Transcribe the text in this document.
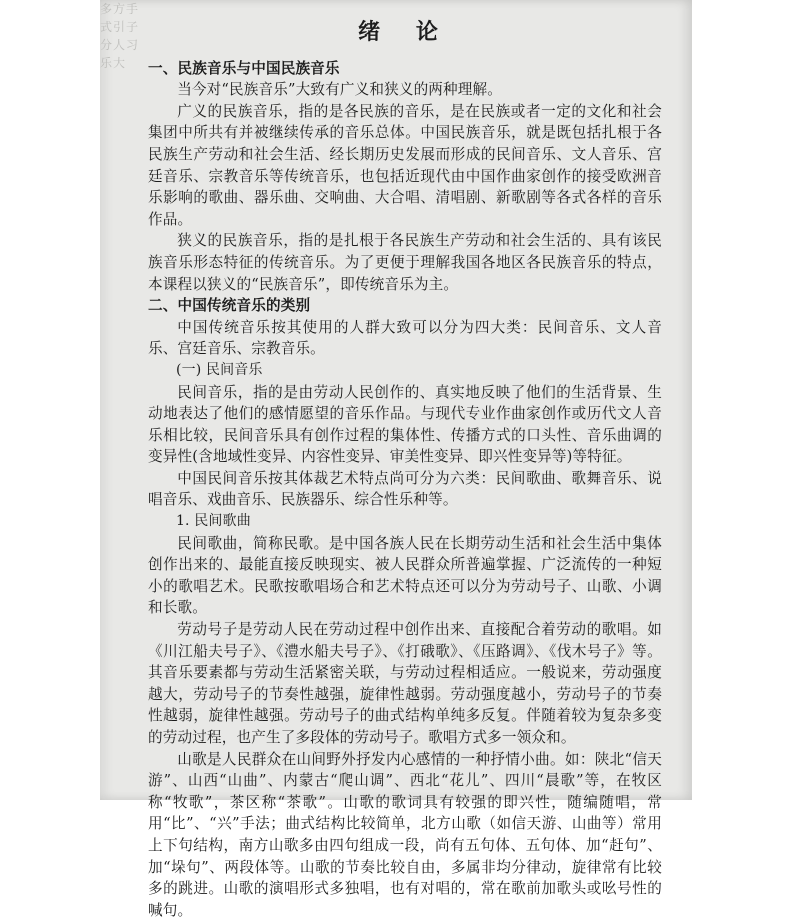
多方手式引子分人习乐大
绪 论
一、民族音乐与中国民族音乐

当今对“民族音乐”大致有广义和狭义的两种理解。

广义的民族音乐，指的是各民族的音乐，是在民族或者一定的文化和社会集团中所共有并被继续传承的音乐总体。中国民族音乐，就是既包括扎根于各民族生产劳动和社会生活、经长期历史发展而形成的民间音乐、文人音乐、宫廷音乐、宗教音乐等传统音乐，也包括近现代由中国作曲家创作的接受欧洲音乐影响的歌曲、器乐曲、交响曲、大合唱、清唱剧、新歌剧等各式各样的音乐作品。

狭义的民族音乐，指的是扎根于各民族生产劳动和社会生活的、具有该民族音乐形态特征的传统音乐。为了更便于理解我国各地区各民族音乐的特点，本课程以狭义的“民族音乐”，即传统音乐为主。

二、中国传统音乐的类别

中国传统音乐按其使用的人群大致可以分为四大类：民间音乐、文人音乐、宫廷音乐、宗教音乐。

(一) 民间音乐

民间音乐，指的是由劳动人民创作的、真实地反映了他们的生活背景、生动地表达了他们的感情愿望的音乐作品。与现代专业作曲家创作或历代文人音乐相比较，民间音乐具有创作过程的集体性、传播方式的口头性、音乐曲调的变异性(含地域性变异、内容性变异、审美性变异、即兴性变异等)等特征。

中国民间音乐按其体裁艺术特点尚可分为六类：民间歌曲、歌舞音乐、说唱音乐、戏曲音乐、民族器乐、综合性乐种等。

1. 民间歌曲

民间歌曲，简称民歌。是中国各族人民在长期劳动生活和社会生活中集体创作出来的、最能直接反映现实、被人民群众所普遍掌握、广泛流传的一种短小的歌唱艺术。民歌按歌唱场合和艺术特点还可以分为劳动号子、山歌、小调和长歌。

劳动号子是劳动人民在劳动过程中创作出来、直接配合着劳动的歌唱。如《川江船夫号子》、《澧水船夫号子》、《打硪歌》、《压路调》、《伐木号子》等。其音乐要素都与劳动生活紧密关联，与劳动过程相适应。一般说来，劳动强度越大，劳动号子的节奏性越强，旋律性越弱。劳动强度越小，劳动号子的节奏性越弱，旋律性越强。劳动号子的曲式结构单纯多反复。伴随着较为复杂多变的劳动过程，也产生了多段体的劳动号子。歌唱方式多一领众和。

山歌是人民群众在山间野外抒发内心感情的一种抒情小曲。如：陕北“信天游”、山西“山曲”、内蒙古“爬山调”、西北“花儿”、四川“晨歌”等，在牧区称“牧歌”，茶区称“茶歌”。山歌的歌词具有较强的即兴性，随编随唱，常用“比”、“兴”手法；曲式结构比较简单，北方山歌（如信天游、山曲等）常用上下句结构，南方山歌多由四句组成一段，尚有五句体、五句体、加“赶句”、加“垛句”、两段体等。山歌的节奏比较自由，多属非均分律动，旋律常有比较多的跳进。山歌的演唱形式多独唱，也有对唱的，常在歌前加歌头或吆号性的喊句。
